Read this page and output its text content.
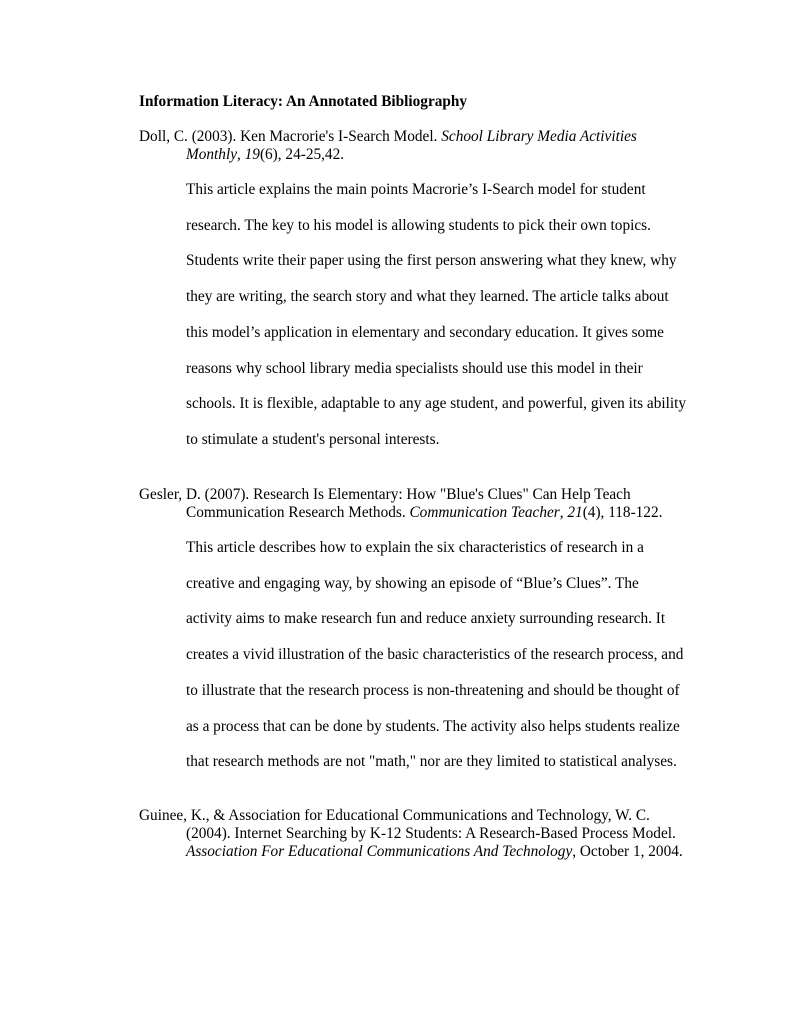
Information Literacy: An Annotated Bibliography
Doll, C. (2003). Ken Macrorie's I-Search Model. School Library Media Activities
Monthly, 19(6), 24-25,42.
This article explains the main points Macrorie’s I-Search model for student
research. The key to his model is allowing students to pick their own topics.
Students write their paper using the first person answering what they knew, why
they are writing, the search story and what they learned. The article talks about
this model’s application in elementary and secondary education. It gives some
reasons why school library media specialists should use this model in their
schools. It is flexible, adaptable to any age student, and powerful, given its ability
to stimulate a student's personal interests.
Gesler, D. (2007). Research Is Elementary: How "Blue's Clues" Can Help Teach
Communication Research Methods. Communication Teacher, 21(4), 118-122.
This article describes how to explain the six characteristics of research in a
creative and engaging way, by showing an episode of “Blue’s Clues”. The
activity aims to make research fun and reduce anxiety surrounding research. It
creates a vivid illustration of the basic characteristics of the research process, and
to illustrate that the research process is non-threatening and should be thought of
as a process that can be done by students. The activity also helps students realize
that research methods are not "math," nor are they limited to statistical analyses.
Guinee, K., & Association for Educational Communications and Technology, W. C.
(2004). Internet Searching by K-12 Students: A Research-Based Process Model.
Association For Educational Communications And Technology, October 1, 2004.
